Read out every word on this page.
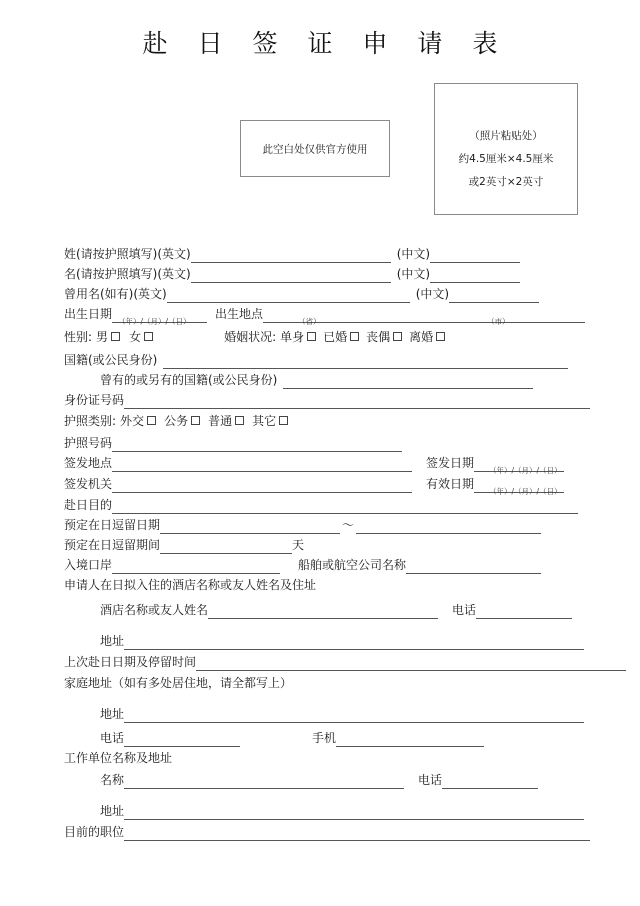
赴 日 签 证 申 请 表
此空白处仅供官方使用
（照片粘贴处）
约4.5厘米×4.5厘米
或2英寸×2英寸
姓(请按护照填写)(英文)	(中文)
名(请按护照填写)(英文)	(中文)
曾用名(如有)(英文)	(中文)
出生日期	出生地点
（年）/（月）/（日）	（省）	（市）
性别: 男 女	婚姻状况: 单身 已婚 丧偶 离婚
国籍(或公民身份)
曾有的或另有的国籍(或公民身份)
身份证号码
护照类别: 外交 公务 普通 其它
护照号码
签发地点	签发日期
（年）/（月）/（日）
签发机关	有效日期
（年）/（月）/（日）
赴日目的
预定在日逗留日期	～
预定在日逗留期间	天
入境口岸	船舶或航空公司名称
申请人在日拟入住的酒店名称或友人姓名及住址
酒店名称或友人姓名	电话
地址
上次赴日日期及停留时间
家庭地址（如有多处居住地，请全都写上）
地址
电话	手机
工作单位名称及地址
名称	电话
地址
目前的职位
